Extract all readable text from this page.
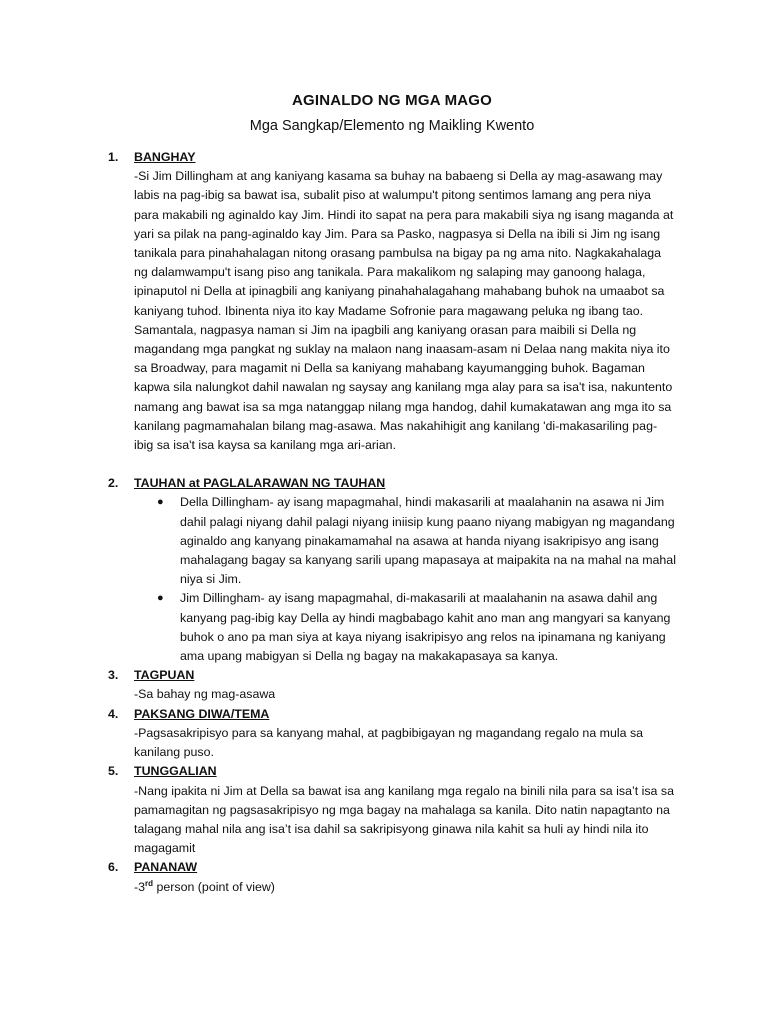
AGINALDO NG MGA MAGO
Mga Sangkap/Elemento ng Maikling Kwento
1. BANGHAY
-Si Jim Dillingham at ang kaniyang kasama sa buhay na babaeng si Della ay mag-asawang may labis na pag-ibig sa bawat isa, subalit piso at walumpu't pitong sentimos lamang ang pera niya para makabili ng aginaldo kay Jim. Hindi ito sapat na pera para makabili siya ng isang maganda at yari sa pilak na pang-aginaldo kay Jim. Para sa Pasko, nagpasya si Della na ibili si Jim ng isang tanikala para pinahahalagan nitong orasang pambulsa na bigay pa ng ama nito. Nagkakahalaga ng dalamwampu't isang piso ang tanikala. Para makalikom ng salaping may ganoong halaga, ipinaputol ni Della at ipinagbili ang kaniyang pinahahalagahang mahabang buhok na umaabot sa kaniyang tuhod. Ibinenta niya ito kay Madame Sofronie para magawang peluka ng ibang tao. Samantala, nagpasya naman si Jim na ipagbili ang kaniyang orasan para maibili si Della ng magandang mga pangkat ng suklay na malaon nang inaasam-asam ni Delaa nang makita niya ito sa Broadway, para magamit ni Della sa kaniyang mahabang kayumangging buhok. Bagaman kapwa sila nalungkot dahil nawalan ng saysay ang kanilang mga alay para sa isa't isa, nakuntento namang ang bawat isa sa mga natanggap nilang mga handog, dahil kumakatawan ang mga ito sa kanilang pagmamahalan bilang mag-asawa. Mas nakahihigit ang kanilang 'di-makasariling pag-ibig sa isa't isa kaysa sa kanilang mga ari-arian.
2. TAUHAN at PAGLALARAWAN NG TAUHAN
● Della Dillingham- ay isang mapagmahal, hindi makasarili at maalahanin na asawa ni Jim dahil palagi niyang dahil palagi niyang iniisip kung paano niyang mabigyan ng magandang aginaldo ang kanyang pinakamamahal na asawa at handa niyang isakripisyo ang isang mahalagang bagay sa kanyang sarili upang mapasaya at maipakita na na mahal na mahal niya si Jim.
● Jim Dillingham- ay isang mapagmahal, di-makasarili at maalahanin na asawa dahil ang kanyang pag-ibig kay Della ay hindi magbabago kahit ano man ang mangyari sa kanyang buhok o ano pa man siya at kaya niyang isakripisyo ang relos na ipinamana ng kaniyang ama upang mabigyan si Della ng bagay na makakapasaya sa kanya.
3. TAGPUAN
-Sa bahay ng mag-asawa
4. PAKSANG DIWA/TEMA
-Pagsasakripisyo para sa kanyang mahal, at pagbibigayan ng magandang regalo na mula sa kanilang puso.
5. TUNGGALIAN
-Nang ipakita ni Jim at Della sa bawat isa ang kanilang mga regalo na binili nila para sa isa’t isa sa pamamagitan ng pagsasakripisyo ng mga bagay na mahalaga sa kanila. Dito natin napagtanto na talagang mahal nila ang isa’t isa dahil sa sakripisyong ginawa nila kahit sa huli ay hindi nila ito magagamit
6. PANANAW
-3rd person (point of view)
